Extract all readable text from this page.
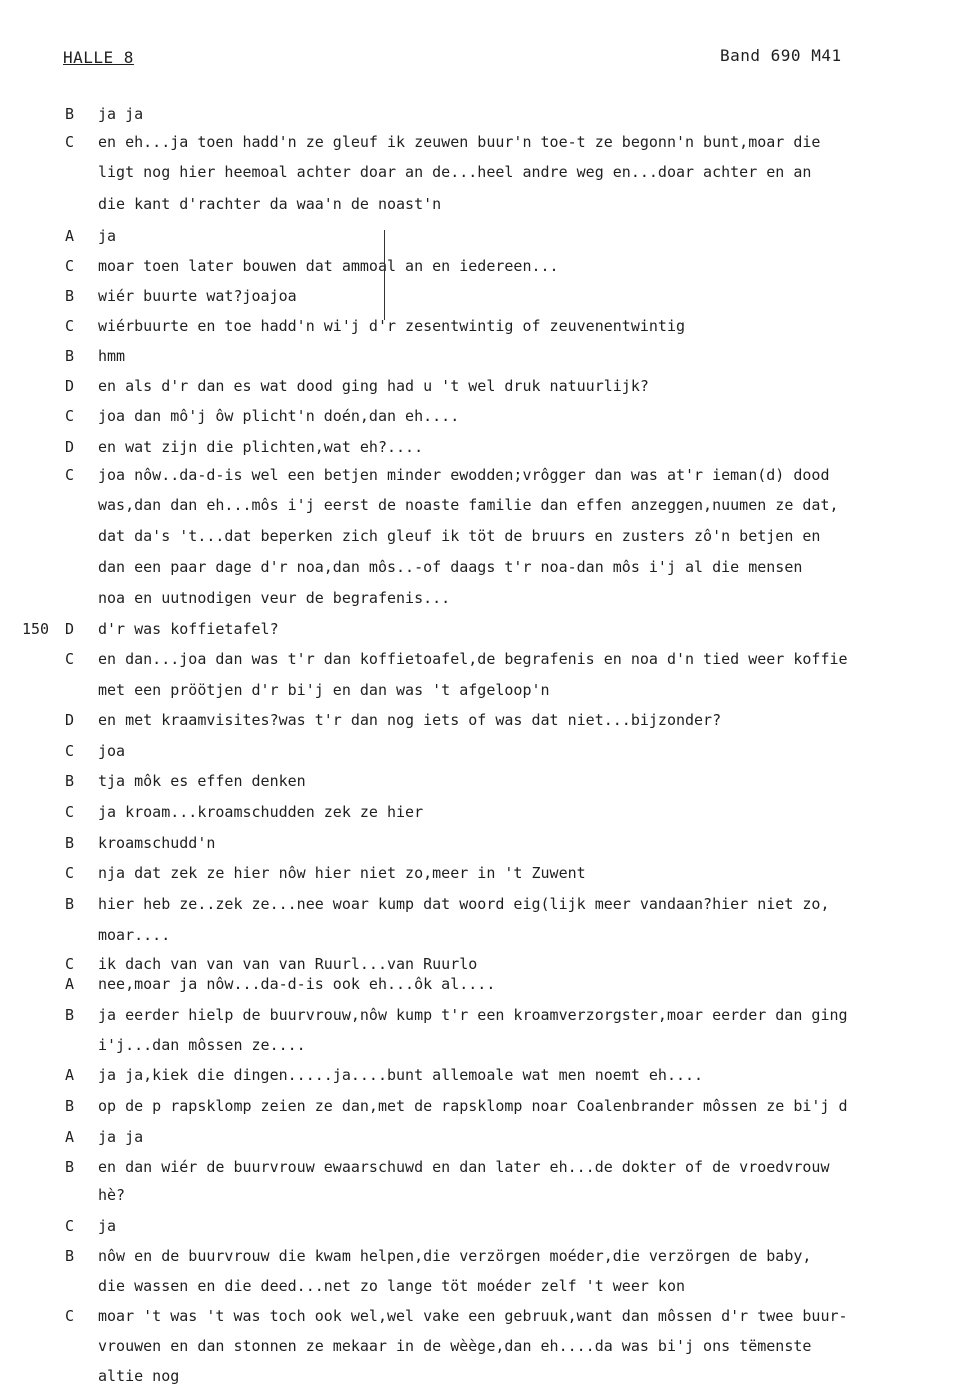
HALLE 8	Band 690 M41
B	ja ja
C	en eh...ja toen hadd'n ze gleuf ik zeuwen buur'n toe-t ze begonn'n bunt,moar die
ligt nog hier heemoal achter doar an de...heel andre weg en...doar achter en an
die kant d'rachter da waa'n de noast'n
A	ja
C	moar toen later bouwen dat ammoal an en iedereen...
B	wiér buurte wat?joajoa
C	wiérbuurte en toe hadd'n wi'j d'r zesentwintig of zeuvenentwintig
B	hmm
D	en als d'r dan es wat dood ging had u 't wel druk natuurlijk?
C	joa dan mô'j ôw plicht'n doén,dan eh....
D	en wat zijn die plichten,wat eh?....
C	joa nôw..da-d-is wel een betjen minder ewodden;vrôgger dan was at'r ieman(d) dood
was,dan dan eh...môs i'j eerst de noaste familie dan effen anzeggen,nuumen ze dat,
dat da's 't...dat beperken zich gleuf ik töt de bruurs en zusters zô'n betjen en
dan een paar dage d'r noa,dan môs..-of daags t'r noa-dan môs i'j al die mensen
noa en uutnodigen veur de begrafenis...
150	D	d'r was koffietafel?
C	en dan...joa dan was t'r dan koffietoafel,de begrafenis en noa d'n tied weer koffie
met een pröötjen d'r bi'j en dan was 't afgeloop'n
D	en met kraamvisites?was t'r dan nog iets of was dat niet...bijzonder?
C	joa
B	tja môk es effen denken
C	ja kroam...kroamschudden zek ze hier
B	kroamschudd'n
C	nja dat zek ze hier nôw hier niet zo,meer in 't Zuwent
B	hier heb ze..zek ze...nee woar kump dat woord eig(lijk meer vandaan?hier niet zo,
moar....
C	ik dach van van van van Ruurl...van Ruurlo
A	nee,moar ja nôw...da-d-is ook eh...ôk al....
B	ja eerder hielp de buurvrouw,nôw kump t'r een kroamverzorgster,moar eerder dan ging
i'j...dan môssen ze....
A	ja ja,kiek die dingen.....ja....bunt allemoale wat men noemt eh....
B	op de p rapsklomp zeien ze dan,met de rapsklomp noar Coalenbrander môssen ze bi'j d
A	ja ja
B	en dan wiér de buurvrouw ewaarschuwd en dan later eh...de dokter of de vroedvrouw
hè?
C	ja
B	nôw en de buurvrouw die kwam helpen,die verzörgen moéder,die verzörgen de baby,
die wassen en die deed...net zo lange töt moéder zelf 't weer kon
C	moar 't was 't was toch ook wel,wel vake een gebruuk,want dan môssen d'r twee buur-
vrouwen en dan stonnen ze mekaar in de wèège,dan eh....da was bi'j ons tëmenste
altie nog
